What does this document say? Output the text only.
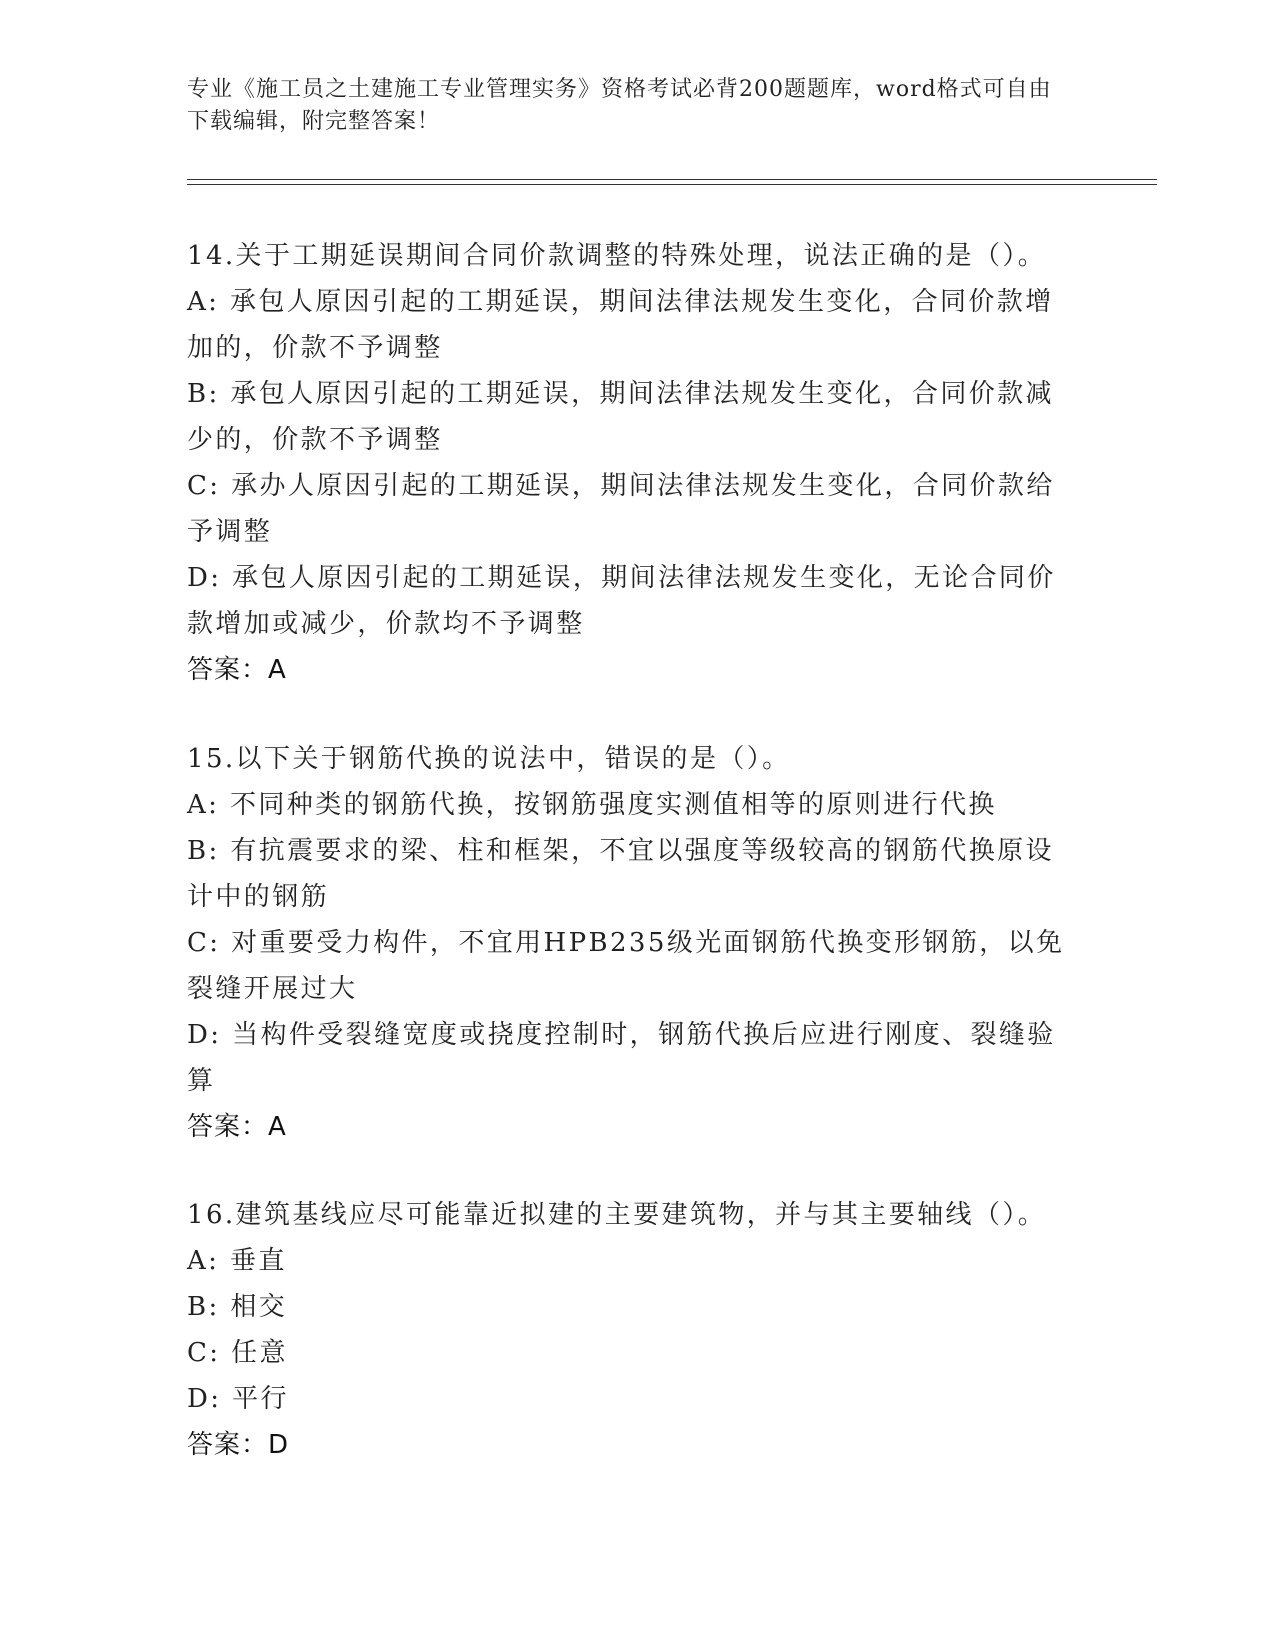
专业《施工员之土建施工专业管理实务》资格考试必背200题题库，word格式可自由下载编辑，附完整答案！

14.关于工期延误期间合同价款调整的特殊处理，说法正确的是（）。

A: 承包人原因引起的工期延误，期间法律法规发生变化，合同价款增加的，价款不予调整

B: 承包人原因引起的工期延误，期间法律法规发生变化，合同价款减少的，价款不予调整

C: 承办人原因引起的工期延误，期间法律法规发生变化，合同价款给予调整

D: 承包人原因引起的工期延误，期间法律法规发生变化，无论合同价款增加或减少，价款均不予调整

答案：A

15.以下关于钢筋代换的说法中，错误的是（）。

A: 不同种类的钢筋代换，按钢筋强度实测值相等的原则进行代换

B: 有抗震要求的梁、柱和框架，不宜以强度等级较高的钢筋代换原设计中的钢筋

C: 对重要受力构件，不宜用HPB235级光面钢筋代换变形钢筋，以免裂缝开展过大

D: 当构件受裂缝宽度或挠度控制时，钢筋代换后应进行刚度、裂缝验算

答案：A

16.建筑基线应尽可能靠近拟建的主要建筑物，并与其主要轴线（）。

A: 垂直

B: 相交

C: 任意

D: 平行

答案：D
